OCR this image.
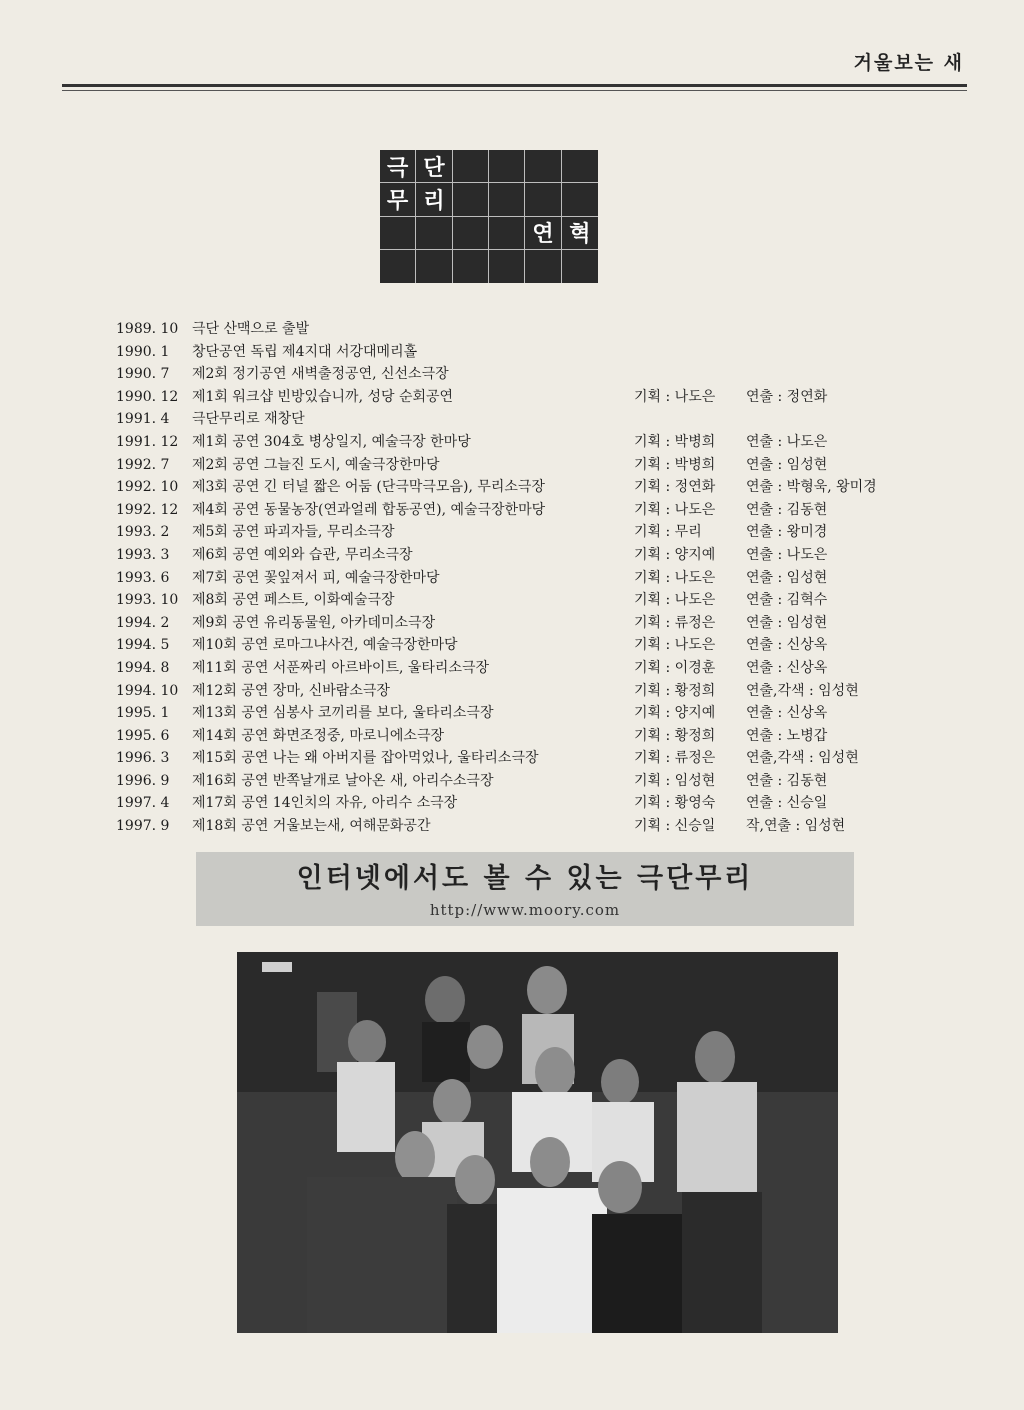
거울보는 새
극 단
무 리
연 혁
1989. 10 극단 산맥으로 출발
1990. 1	창단공연 독립 제4지대 서강대메리홀
1990. 7	제2회 정기공연 새벽출정공연, 신선소극장
1990. 12 제1회 워크샵 빈방있습니까, 성당 순회공연	기획 : 나도은 연출 : 정연화
1991. 4	극단무리로 재창단
1991. 12 제1회 공연 304호 병상일지, 예술극장 한마당	기획 : 박병희 연출 : 나도은
1992. 7	제2회 공연 그늘진 도시, 예술극장한마당	기획 : 박병희 연출 : 임성현
1992. 10 제3회 공연 긴 터널 짧은 어둠 (단극막극모음), 무리소극장	기획 : 정연화 연출 : 박형욱, 왕미경
1992. 12 제4회 공연 동물농장(연과얼레 합동공연), 예술극장한마당	기획 : 나도은 연출 : 김동현
1993. 2	제5회 공연 파괴자들, 무리소극장	기획 : 무리	연출 : 왕미경
1993. 3	제6회 공연 예외와 습관, 무리소극장	기획 : 양지예 연출 : 나도은
1993. 6	제7회 공연 꽃잎져서 피, 예술극장한마당	기획 : 나도은 연출 : 임성현
1993. 10 제8회 공연 페스트, 이화예술극장	기획 : 나도은 연출 : 김혁수
1994. 2	제9회 공연 유리동물원, 아카데미소극장	기획 : 류정은 연출 : 임성현
1994. 5	제10회 공연 로마그냐사건, 예술극장한마당	기획 : 나도은 연출 : 신상옥
1994. 8	제11회 공연 서푼짜리 아르바이트, 울타리소극장	기획 : 이경훈 연출 : 신상옥
1994. 10 제12회 공연 장마, 신바람소극장	기획 : 황정희 연출,각색 : 임성현
1995. 1	제13회 공연 심봉사 코끼리를 보다, 울타리소극장	기획 : 양지예 연출 : 신상옥
1995. 6	제14회 공연 화면조정중, 마로니에소극장	기획 : 황정희 연출 : 노병갑
1996. 3	제15회 공연 나는 왜 아버지를 잡아먹었나, 울타리소극장	기획 : 류정은 연출,각색 : 임성현
1996. 9	제16회 공연 반쪽날개로 날아온 새, 아리수소극장	기획 : 임성현 연출 : 김동현
1997. 4	제17회 공연 14인치의 자유, 아리수 소극장	기획 : 황영숙 연출 : 신승일
1997. 9	제18회 공연 거울보는새, 여해문화공간	기획 : 신승일 작,연출 : 임성현
인터넷에서도 볼 수 있는 극단무리
http://www.moory.com
